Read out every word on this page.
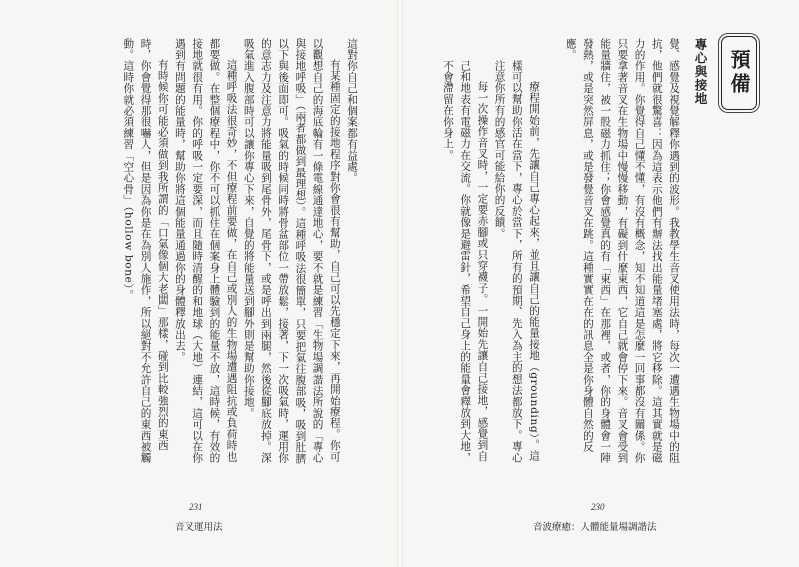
這對你自己和個案都有益處。

有某種固定的接地程序對你會很有幫助，自己可以先穩定下來，再開始療程。你可以觀想自己的海底輪有一條電線通達地心，要不就是練習「生物場調諧法所說的「專心與接地呼吸」（兩者都做到最理想）。這種呼吸法很簡單，只要把氣往腹部吸，吸到肚臍以下與後面即可。吸氣的時候同時將骨盆部位一帶放鬆，接著，下一次吸氣時，運用你的意志力及注意力將能量吸到尾骨外，尾骨下，或是呼出到兩腿，然後從腳底放掉。深吸氣進入腹部時可以讓你專心下來，自覺的將能量送到腳外則是幫助你接地。

這種呼吸法很奇妙，不但療程前要做，在自己或別人的生物場遭遇阻抗或負荷時也都要做。在整個療程中，你不可以抓住在個案身上體驗到的能量不放，這時候，有效的接地就很有用。你的呼吸一定要深，而且隨時清醒的和地球（大地）連結，這可以在你遇到有問題的能量時，幫助你將這個能量通過你的身體釋放出去。

有時候你可能必須做到我所謂的「口氣像個大老闆」那樣，碰到比較強烈的東西時，你會覺得那很嚇人，但是因為你是在為別人施作，所以絕對不允許自己的東西被觸動。這時你就必須練習「空心骨」（hollow bone）。

231
音叉運用法

覺、感覺及視覺解釋你遇到的波形。我教學生音叉使用法時，每次一遭遇生物場中的阻抗，他們就很驚喜：因為這表示他們有辦法找出能量堵塞處，將它移除。這其實就是磁力的作用。你覺得自己懂不懂，有沒有概念，知不知道這是怎麼一回事都沒有關係。你只要拿著音叉在生物場中慢慢移動，有礙到什麼東西，它自己就會停下來。音叉會受到能量牆住，被一股磁力抓住；你會感覺真的有「東西」在那裡，或者，你的身體會一陣發熱，或是突然屏息，或是發覺音叉在跳。這種實實在在的訊息全是你身體自然的反應。	預備
專心與接地

療程開始前，先讓自己專心起來，並且讓自己的能量接地（grounding）。這樣可以幫助你活在當下，專心於當下，所有的預期、先入為主的想法都放下。專心注意你所有的感官可能給你的反饋。

每一次操作音叉時，一定要赤腳或只穿襪子。一開始先讓自己接地，感覺到自己和地表有電磁力在交流。你就像是避雷針，希望自己身上的能量會釋放到大地，不會滯留在你身上。

230
音波療癒：人體能量場調諧法
